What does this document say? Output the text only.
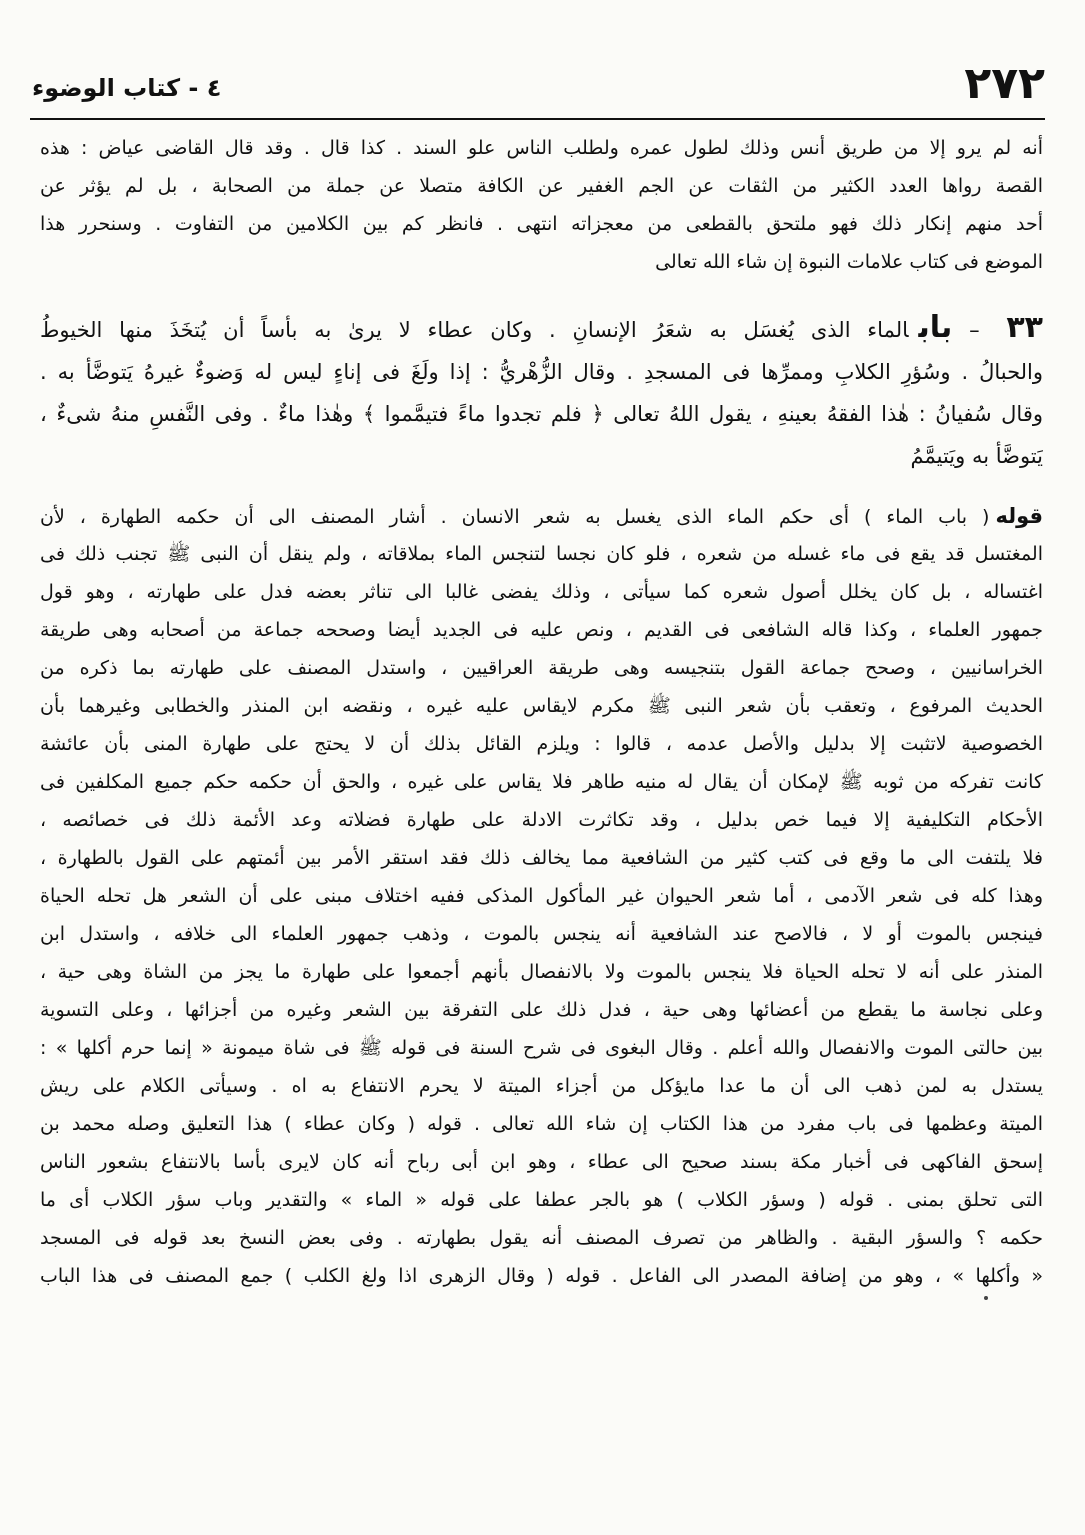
٢٧٢
٤ - كتاب الوضوء
أنه لم يرو إلا من طريق أنس وذلك لطول عمره ولطلب الناس علو السند . كذا قال . وقد قال القاضى عياض : هذه
القصة رواها العدد الكثير من الثقات عن الجم الغفير عن الكافة متصلا عن جملة من الصحابة ، بل لم يؤثر عن
أحد منهم إنكار ذلك فهو ملتحق بالقطعى من معجزاته انتهى . فانظر كم بين الكلامين من التفاوت . وسنحرر هذا
الموضع فى كتاب علامات النبوة إن شاء الله تعالى
٣٣ – بابالماء الذى يُغسَل به شعَرُ الإنسانِ . وكان عطاء لا يرىٰ به بأساً أن يُتخَذَ منها الخيوطُ
والحبالُ . وسُؤرِ الكلابِ وممرِّها فى المسجدِ . وقال الزُّهْريُّ : إذا ولَغَ فى إناءٍ ليس له وَضوءٌ غيرهُ يَتوضَّأُ به .
وقال سُفيانُ : هٰذا الفقهُ بعينهِ ، يقول اللهُ تعالى ﴿ فلم تجدوا ماءً فتيمَّموا ﴾ وهٰذا ماءٌ . وفى النَّفسِ منهُ شىءٌ ،
يَتوضَّأُ به ويَتيمَّمُ
قوله( باب الماء ) أى حكم الماء الذى يغسل به شعر الانسان . أشار المصنف الى أن حكمه الطهارة ، لأن
المغتسل قد يقع فى ماء غسله من شعره ، فلو كان نجسا لتنجس الماء بملاقاته ، ولم ينقل أن النبى ﷺ تجنب ذلك فى
اغتساله ، بل كان يخلل أصول شعره كما سيأتى ، وذلك يفضى غالبا الى تناثر بعضه فدل على طهارته ، وهو قول
جمهور العلماء ، وكذا قاله الشافعى فى القديم ، ونص عليه فى الجديد أيضا وصححه جماعة من أصحابه وهى طريقة
الخراسانيين ، وصحح جماعة القول بتنجيسه وهى طريقة العراقيين ، واستدل المصنف على طهارته بما ذكره من
الحديث المرفوع ، وتعقب بأن شعر النبى ﷺ مكرم لايقاس عليه غيره ، ونقضه ابن المنذر والخطابى وغيرهما بأن
الخصوصية لاتثبت إلا بدليل والأصل عدمه ، قالوا : ويلزم القائل بذلك أن لا يحتج على طهارة المنى بأن عائشة
كانت تفركه من ثوبه ﷺ لإمكان أن يقال له منيه طاهر فلا يقاس على غيره ، والحق أن حكمه حكم جميع المكلفين فى
الأحكام التكليفية إلا فيما خص بدليل ، وقد تكاثرت الادلة على طهارة فضلاته وعد الأئمة ذلك فى خصائصه ،
فلا يلتفت الى ما وقع فى كتب كثير من الشافعية مما يخالف ذلك فقد استقر الأمر بين أئمتهم على القول بالطهارة ،
وهذا كله فى شعر الآدمى ، أما شعر الحيوان غير المأكول المذكى ففيه اختلاف مبنى على أن الشعر هل تحله الحياة
فينجس بالموت أو لا ، فالاصح عند الشافعية أنه ينجس بالموت ، وذهب جمهور العلماء الى خلافه ، واستدل ابن
المنذر على أنه لا تحله الحياة فلا ينجس بالموت ولا بالانفصال بأنهم أجمعوا على طهارة ما يجز من الشاة وهى حية ،
وعلى نجاسة ما يقطع من أعضائها وهى حية ، فدل ذلك على التفرقة بين الشعر وغيره من أجزائها ، وعلى التسوية
بين حالتى الموت والانفصال والله أعلم . وقال البغوى فى شرح السنة فى قوله ﷺ فى شاة ميمونة « إنما حرم أكلها » :
يستدل به لمن ذهب الى أن ما عدا مايؤكل من أجزاء الميتة لا يحرم الانتفاع به اه . وسيأتى الكلام على ريش
الميتة وعظمها فى باب مفرد من هذا الكتاب إن شاء الله تعالى . قوله ( وكان عطاء ) هذا التعليق وصله محمد بن
إسحق الفاكهى فى أخبار مكة بسند صحيح الى عطاء ، وهو ابن أبى رباح أنه كان لايرى بأسا بالانتفاع بشعور الناس
التى تحلق بمنى . قوله ( وسؤر الكلاب ) هو بالجر عطفا على قوله « الماء » والتقدير وباب سؤر الكلاب أى ما
حكمه ؟ والسؤر البقية . والظاهر من تصرف المصنف أنه يقول بطهارته . وفى بعض النسخ بعد قوله فى المسجد
« وأكلها » ، وهو من إضافة المصدر الى الفاعل . قوله ( وقال الزهرى اذا ولغ الكلب ) جمع المصنف فى هذا الباب
